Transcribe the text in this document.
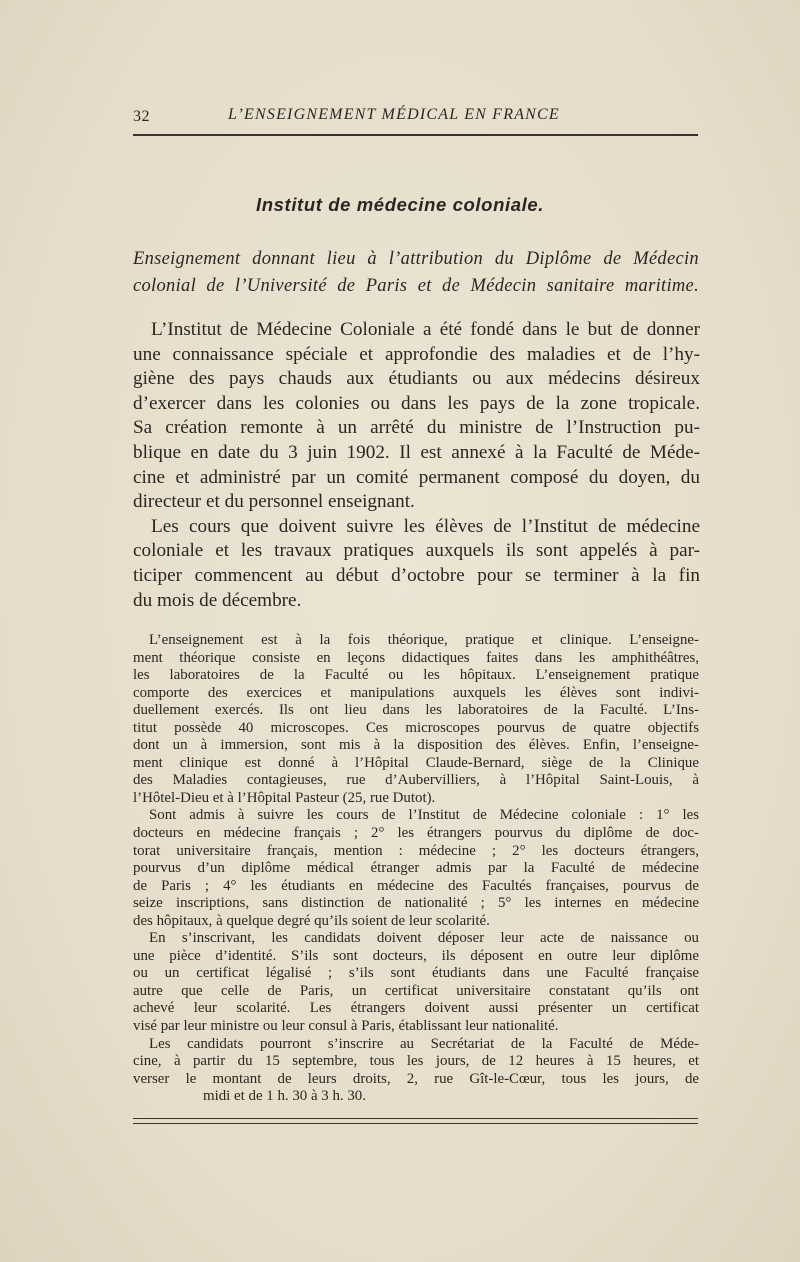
32	L’ENSEIGNEMENT MÉDICAL EN FRANCE
Institut de médecine coloniale.
Enseignement donnant lieu à l’attribution du Diplôme de Médecin
colonial de l’Université de Paris et de Médecin sanitaire maritime.
L’Institut de Médecine Coloniale a été fondé dans le but de donner
une connaissance spéciale et approfondie des maladies et de l’hy-
giène des pays chauds aux étudiants ou aux médecins désireux
d’exercer dans les colonies ou dans les pays de la zone tropicale.
Sa création remonte à un arrêté du ministre de l’Instruction pu-
blique en date du 3 juin 1902. Il est annexé à la Faculté de Méde-
cine et administré par un comité permanent composé du doyen, du
directeur et du personnel enseignant.
Les cours que doivent suivre les élèves de l’Institut de médecine
coloniale et les travaux pratiques auxquels ils sont appelés à par-
ticiper commencent au début d’octobre pour se terminer à la fin
du mois de décembre.
L’enseignement est à la fois théorique, pratique et clinique. L’enseigne-
ment théorique consiste en leçons didactiques faites dans les amphithéâtres,
les laboratoires de la Faculté ou les hôpitaux. L’enseignement pratique
comporte des exercices et manipulations auxquels les élèves sont indivi-
duellement exercés. Ils ont lieu dans les laboratoires de la Faculté. L’Ins-
titut possède 40 microscopes. Ces microscopes pourvus de quatre objectifs
dont un à immersion, sont mis à la disposition des élèves. Enfin, l’enseigne-
ment clinique est donné à l’Hôpital Claude-Bernard, siège de la Clinique
des Maladies contagieuses, rue d’Aubervilliers, à l’Hôpital Saint-Louis, à
l’Hôtel-Dieu et à l’Hôpital Pasteur (25, rue Dutot).
Sont admis à suivre les cours de l’Institut de Médecine coloniale : 1° les
docteurs en médecine français ; 2° les étrangers pourvus du diplôme de doc-
torat universitaire français, mention : médecine ; 2° les docteurs étrangers,
pourvus d’un diplôme médical étranger admis par la Faculté de médecine
de Paris ; 4° les étudiants en médecine des Facultés françaises, pourvus de
seize inscriptions, sans distinction de nationalité ; 5° les internes en médecine
des hôpitaux, à quelque degré qu’ils soient de leur scolarité.
En s’inscrivant, les candidats doivent déposer leur acte de naissance ou
une pièce d’identité. S’ils sont docteurs, ils déposent en outre leur diplôme
ou un certificat légalisé ; s’ils sont étudiants dans une Faculté française
autre que celle de Paris, un certificat universitaire constatant qu’ils ont
achevé leur scolarité. Les étrangers doivent aussi présenter un certificat
visé par leur ministre ou leur consul à Paris, établissant leur nationalité.
Les candidats pourront s’inscrire au Secrétariat de la Faculté de Méde-
cine, à partir du 15 septembre, tous les jours, de 12 heures à 15 heures, et
verser le montant de leurs droits, 2, rue Gît-le-Cœur, tous les jours, de
midi et de 1 h. 30 à 3 h. 30.
